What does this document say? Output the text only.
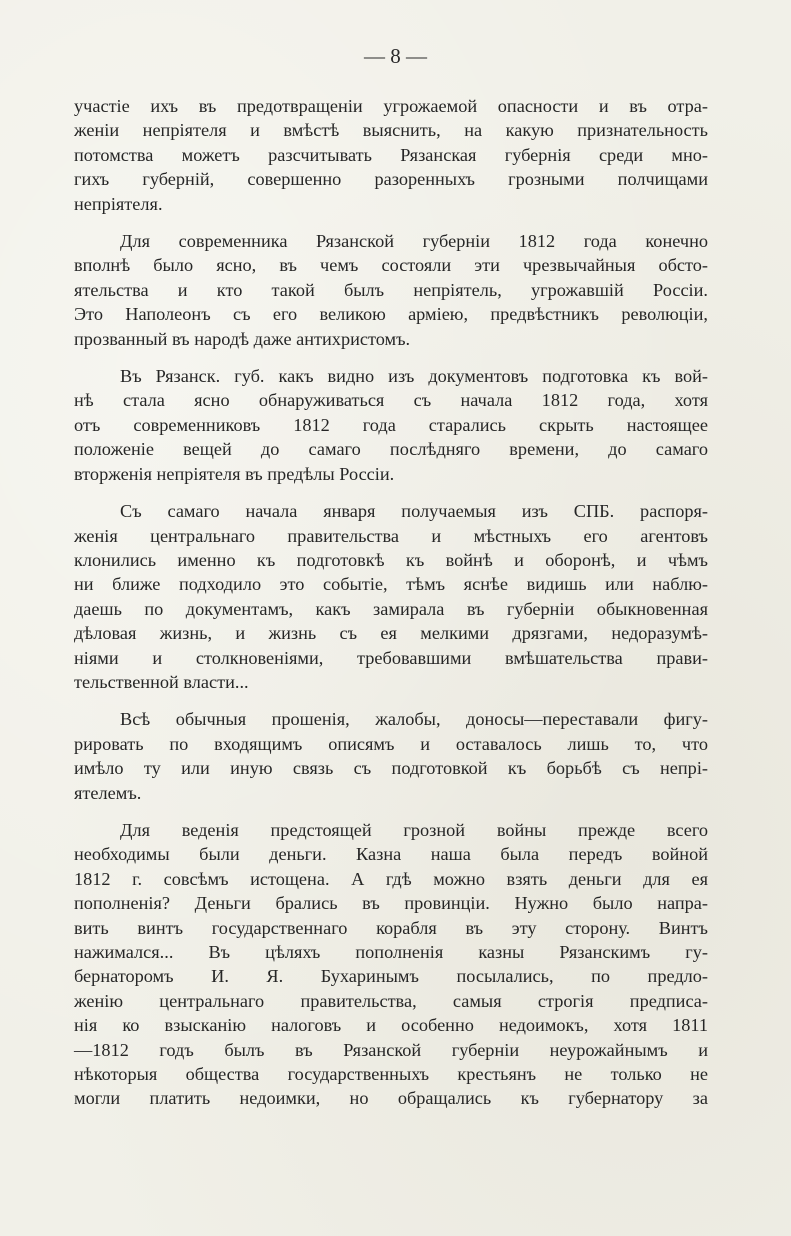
— 8 —
участіе ихъ въ предотвращеніи угрожаемой опасности и въ отра-
женіи непріятеля и вмѣстѣ выяснить, на какую признательность
потомства можетъ разсчитывать Рязанская губернія среди мно-
гихъ губерній, совершенно разоренныхъ грозными полчищами
непріятеля.
Для современника Рязанской губерніи 1812 года конечно
вполнѣ было ясно, въ чемъ состояли эти чрезвычайныя обсто-
ятельства и кто такой былъ непріятель, угрожавшій Россіи.
Это Наполеонъ съ его великою арміею, предвѣстникъ революціи,
прозванный въ народѣ даже антихристомъ.
Въ Рязанск. губ. какъ видно изъ документовъ подготовка къ вой-
нѣ стала ясно обнаруживаться съ начала 1812 года, хотя
отъ современниковъ 1812 года старались скрыть настоящее
положеніе вещей до самаго послѣдняго времени, до самаго
вторженія непріятеля въ предѣлы Россіи.
Съ самаго начала января получаемыя изъ СПБ. распоря-
женія центральнаго правительства и мѣстныхъ его агентовъ
клонились именно къ подготовкѣ къ войнѣ и оборонѣ, и чѣмъ
ни ближе подходило это событіе, тѣмъ яснѣе видишь или наблю-
даешь по документамъ, какъ замирала въ губерніи обыкновенная
дѣловая жизнь, и жизнь съ ея мелкими дрязгами, недоразумѣ-
ніями и столкновеніями, требовавшими вмѣшательства прави-
тельственной власти...
Всѣ обычныя прошенія, жалобы, доносы—переставали фигу-
рировать по входящимъ описямъ и оставалось лишь то, что
имѣло ту или иную связь съ подготовкой къ борьбѣ съ непрі-
ятелемъ.
Для веденія предстоящей грозной войны прежде всего
необходимы были деньги. Казна наша была передъ войной
1812 г. совсѣмъ истощена. А гдѣ можно взять деньги для ея
пополненія? Деньги брались въ провинціи. Нужно было напра-
вить винтъ государственнаго корабля въ эту сторону. Винтъ
нажимался... Въ цѣляхъ пополненія казны Рязанскимъ гу-
бернаторомъ И. Я. Бухаринымъ посылались, по предло-
женію центральнаго правительства, самыя строгія предписа-
нія ко взысканію налоговъ и особенно недоимокъ, хотя 1811
—1812 годъ былъ въ Рязанской губерніи неурожайнымъ и
нѣкоторыя общества государственныхъ крестьянъ не только не
могли платить недоимки, но обращались къ губернатору за
